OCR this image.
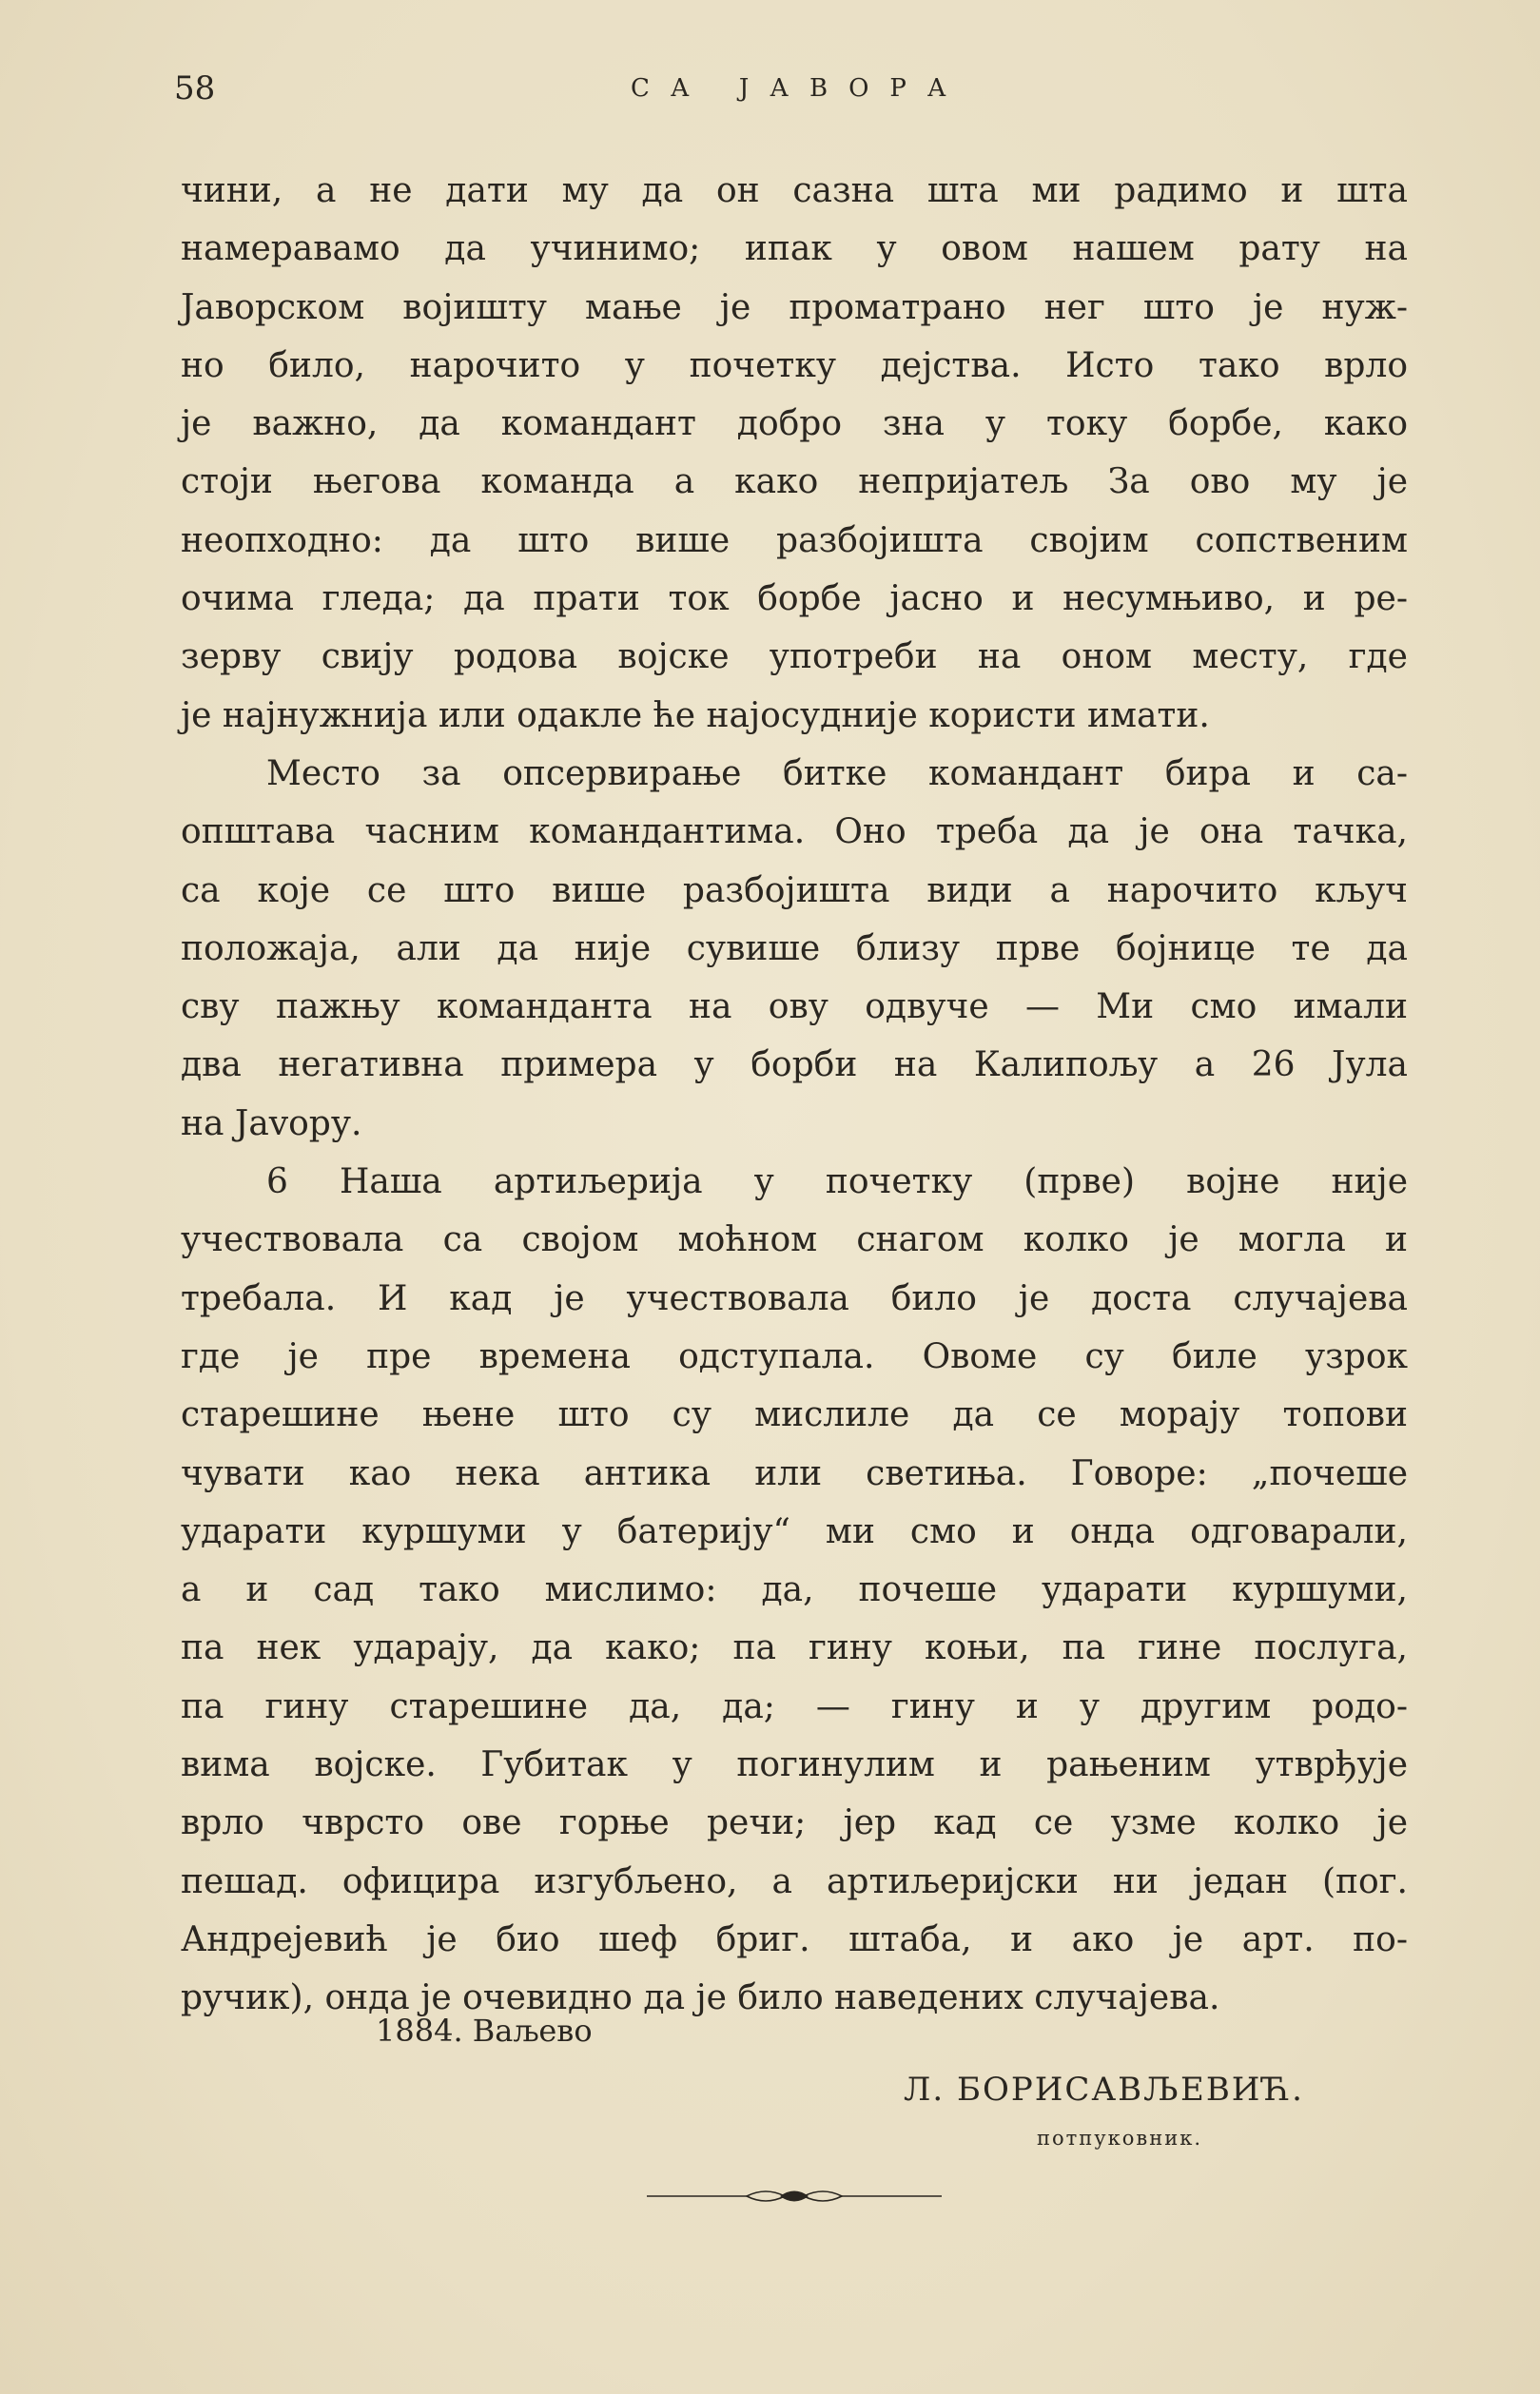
58	СА ЈАВОРА
чини, а не дати му да он сазна шта ми радимо и шта
намеравамо да учинимо; ипак у овом нашем рату на
Јаворском војишту мање је проматрано нег што је нуж-
но било, нарочито у почетку дејства. Исто тако врло
је важно, да командант добро зна у току борбе, како
стоји његова команда а како непријатељ За ово му је
неопходно: да што више разбојишта својим сопственим
очима гледа; да прати ток борбе јасно и несумњиво, и ре-
зерву свију родова војске употреби на оном месту, где
је најнужнија или одакле ће најосудније користи имати.
Место за опсервирање битке командант бира и са-
општава часним командантима. Оно треба да је она тачка,
са које се што више разбојишта види а нарочито кључ
положаја, али да није сувише близу прве бојнице те да
сву пажњу команданта на ову одвуче — Ми смо имали
два негативна примера у борби на Калипољу а 26 Јула
на Javору.
6 Наша артиљерија у почетку (прве) војне није
учествовала са својом моћном снагом колко је могла и
требала. И кад је учествовала било је доста случајева
где је пре времена одступала. Овоме су биле узрок
старешине њене што су мислиле да се морају топови
чувати као нека антика или светиња. Говоре: „почеше
ударати куршуми у батерију“ ми смо и онда одговарали,
а и сад тако мислимо: да, почеше ударати куршуми,
па нек ударају, да како; па гину коњи, па гине послуга,
па гину старешине да, да; — гину и у другим родо-
вима војске. Губитак у погинулим и рањеним утврђује
врло чврсто ове горње речи; јер кад се узме колко је
пешад. официра изгубљено, а артиљеријски ни један (пог.
Андрејевић је био шеф бриг. штаба, и ако је арт. по-
ручик), онда је очевидно да је било наведених случајева.
1884. Ваљево
Л. БОРИСАВЉЕВИЋ.
потпуковник.
